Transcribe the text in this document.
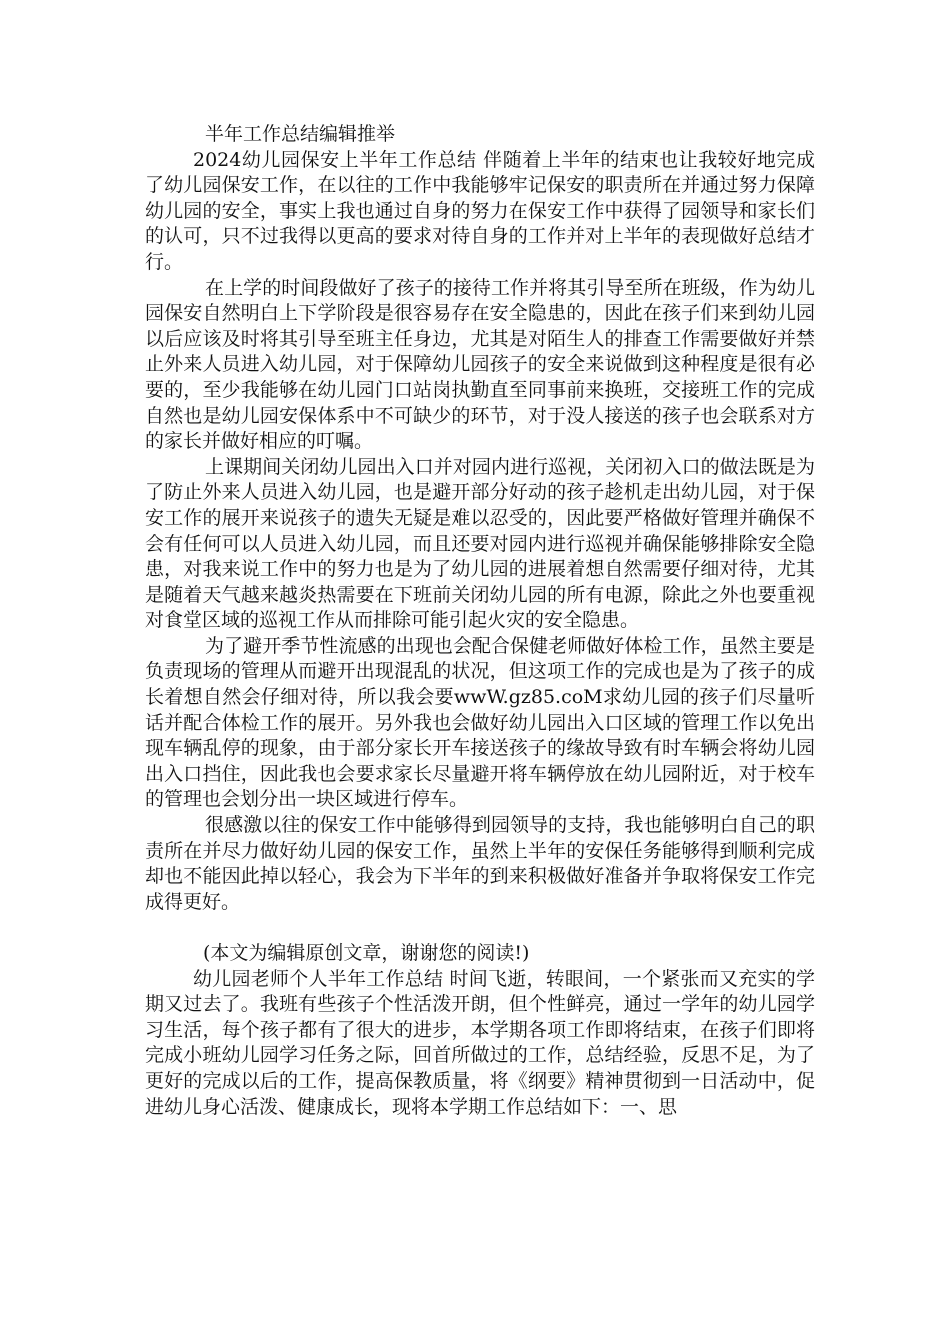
半年工作总结编辑推举

2024幼儿园保安上半年工作总结 伴随着上半年的结束也让我较好地完成了幼儿园保安工作，在以往的工作中我能够牢记保安的职责所在并通过努力保障幼儿园的安全，事实上我也通过自身的努力在保安工作中获得了园领导和家长们的认可，只不过我得以更高的要求对待自身的工作并对上半年的表现做好总结才行。

在上学的时间段做好了孩子的接待工作并将其引导至所在班级，作为幼儿园保安自然明白上下学阶段是很容易存在安全隐患的，因此在孩子们来到幼儿园以后应该及时将其引导至班主任身边，尤其是对陌生人的排查工作需要做好并禁止外来人员进入幼儿园，对于保障幼儿园孩子的安全来说做到这种程度是很有必要的，至少我能够在幼儿园门口站岗执勤直至同事前来换班，交接班工作的完成自然也是幼儿园安保体系中不可缺少的环节，对于没人接送的孩子也会联系对方的家长并做好相应的叮嘱。

上课期间关闭幼儿园出入口并对园内进行巡视，关闭初入口的做法既是为了防止外来人员进入幼儿园，也是避开部分好动的孩子趁机走出幼儿园，对于保安工作的展开来说孩子的遗失无疑是难以忍受的，因此要严格做好管理并确保不会有任何可以人员进入幼儿园，而且还要对园内进行巡视并确保能够排除安全隐患，对我来说工作中的努力也是为了幼儿园的进展着想自然需要仔细对待，尤其是随着天气越来越炎热需要在下班前关闭幼儿园的所有电源，除此之外也要重视对食堂区域的巡视工作从而排除可能引起火灾的安全隐患。

为了避开季节性流感的出现也会配合保健老师做好体检工作，虽然主要是负责现场的管理从而避开出现混乱的状况，但这项工作的完成也是为了孩子的成长着想自然会仔细对待，所以我会要wwW.gz85.coM求幼儿园的孩子们尽量听话并配合体检工作的展开。另外我也会做好幼儿园出入口区域的管理工作以免出现车辆乱停的现象，由于部分家长开车接送孩子的缘故导致有时车辆会将幼儿园出入口挡住，因此我也会要求家长尽量避开将车辆停放在幼儿园附近，对于校车的管理也会划分出一块区域进行停车。

很感激以往的保安工作中能够得到园领导的支持，我也能够明白自己的职责所在并尽力做好幼儿园的保安工作，虽然上半年的安保任务能够得到顺利完成却也不能因此掉以轻心，我会为下半年的到来积极做好准备并争取将保安工作完成得更好。

(本文为编辑原创文章，谢谢您的阅读!)

幼儿园老师个人半年工作总结 时间飞逝，转眼间，一个紧张而又充实的学期又过去了。我班有些孩子个性活泼开朗，但个性鲜亮，通过一学年的幼儿园学习生活，每个孩子都有了很大的进步，本学期各项工作即将结束，在孩子们即将完成小班幼儿园学习任务之际，回首所做过的工作，总结经验，反思不足，为了更好的完成以后的工作，提高保教质量，将《纲要》精神贯彻到一日活动中，促进幼儿身心活泼、健康成长，现将本学期工作总结如下：一、思
